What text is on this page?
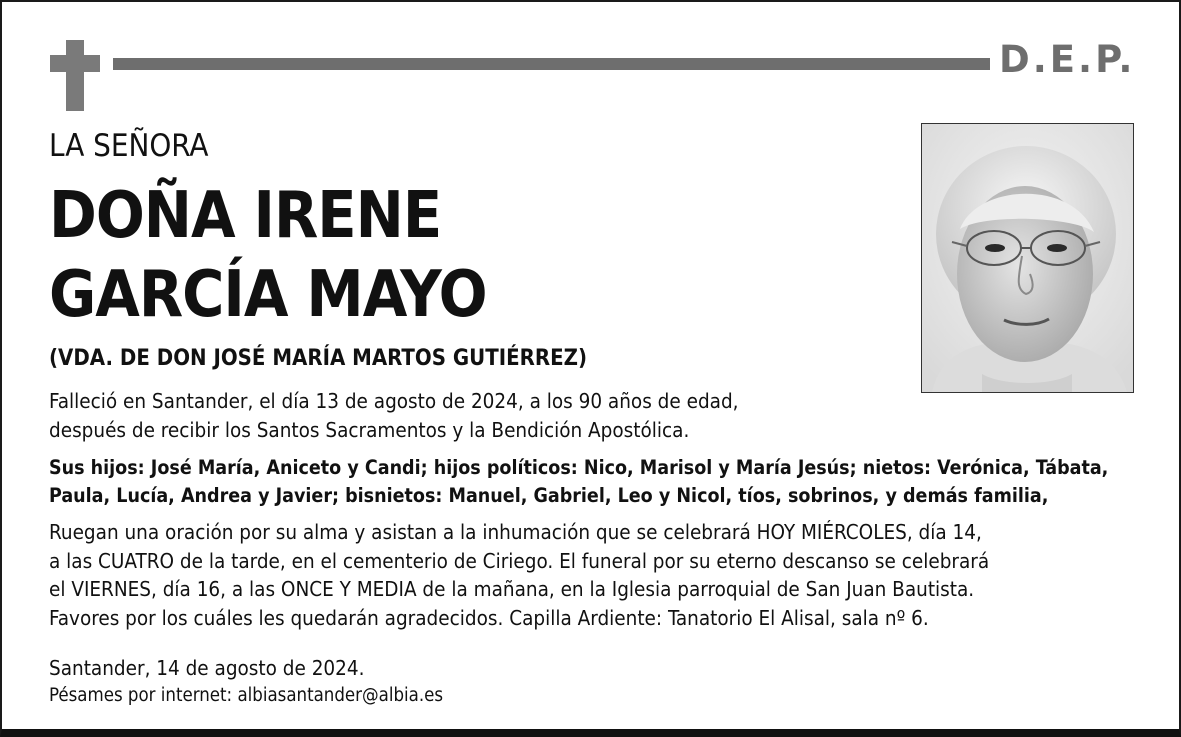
D.E.P.
LA SEÑORA
DOÑA IRENE
GARCÍA MAYO
(VDA. DE DON JOSÉ MARÍA MARTOS GUTIÉRREZ)
Falleció en Santander, el día 13 de agosto de 2024, a los 90 años de edad,
después de recibir los Santos Sacramentos y la Bendición Apostólica.
Sus hijos: José María, Aniceto y Candi; hijos políticos: Nico, Marisol y María Jesús; nietos: Verónica, Tábata,
Paula, Lucía, Andrea y Javier; bisnietos: Manuel, Gabriel, Leo y Nicol, tíos, sobrinos, y demás familia,
Ruegan una oración por su alma y asistan a la inhumación que se celebrará HOY MIÉRCOLES, día 14,
a las CUATRO de la tarde, en el cementerio de Ciriego. El funeral por su eterno descanso se celebrará
el VIERNES, día 16, a las ONCE Y MEDIA de la mañana, en la Iglesia parroquial de San Juan Bautista.
Favores por los cuáles les quedarán agradecidos. Capilla Ardiente: Tanatorio El Alisal, sala nº 6.
Santander, 14 de agosto de 2024.
Pésames por internet: albiasantander@albia.es
